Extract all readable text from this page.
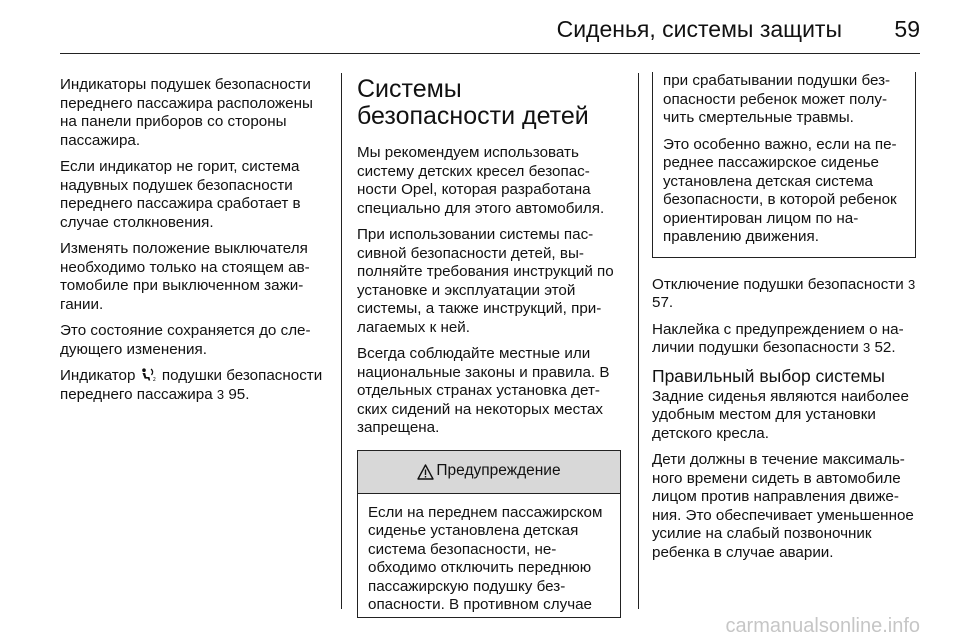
Сиденья, системы защиты 59

Индикаторы подушек безопасности переднего пассажира расположены на панели приборов со стороны пассажира.

Если индикатор не горит, система надувных подушек безопасности переднего пассажира сработает в случае столкновения.

Изменять положение выключателя необходимо только на стоящем автомобиле при выключенном зажигании.

Это состояние сохраняется до следующего изменения.

Индикатор	2 подушки безопасности переднего пассажира 3 95.

Системы безопасности детей

Мы рекомендуем использовать систему детских кресел безопасности Opel, которая разработана специально для этого автомобиля.

При использовании системы пассивной безопасности детей, выполняйте требования инструкций по установке и эксплуатации этой системы, а также инструкций, прилагаемых к ней.

Всегда соблюдайте местные или национальные законы и правила. В отдельных странах установка детских сидений на некоторых местах запрещена.

Предупреждение
Если на переднем пассажирском сиденье установлена детская система безопасности, необходимо отключить переднюю пассажирскую подушку безопасности. В противном случае

при срабатывании подушки безопасности ребенок может получить смертельные травмы.

Это особенно важно, если на переднее пассажирское сиденье установлена детская система безопасности, в которой ребенок ориентирован лицом по направлению движения.

Отключение подушки безопасности 3 57.

Наклейка с предупреждением о наличии подушки безопасности 3 52.

Правильный выбор системы

Задние сиденья являются наиболее удобным местом для установки детского кресла.

Дети должны в течение максимального времени сидеть в автомобиле лицом против направления движения. Это обеспечивает уменьшенное усилие на слабый позвоночник ребенка в случае аварии.

carmanualsonline.info
